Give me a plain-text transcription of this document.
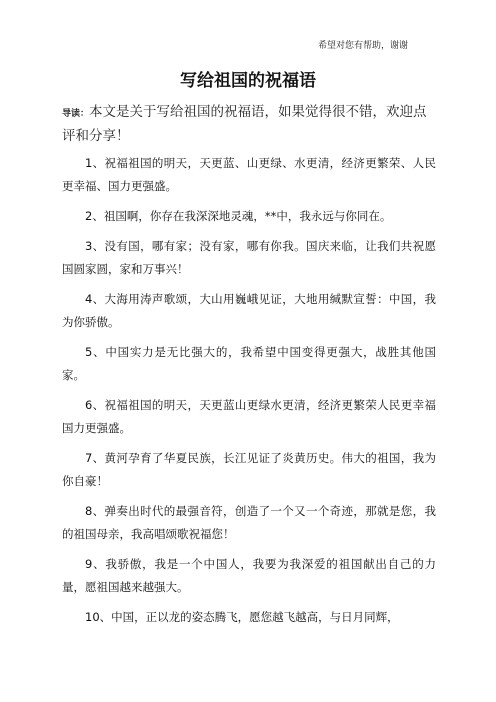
希望对您有帮助，谢谢
写给祖国的祝福语
导读：本文是关于写给祖国的祝福语，如果觉得很不错，欢迎点评和分享！

1、祝福祖国的明天，天更蓝、山更绿、水更清，经济更繁荣、人民更幸福、国力更强盛。

2、祖国啊，你存在我深深地灵魂，**中，我永远与你同在。

3、没有国，哪有家；没有家，哪有你我。国庆来临，让我们共祝愿国圆家圆，家和万事兴！

4、大海用涛声歌颂，大山用巍峨见证，大地用缄默宣誓：中国，我为你骄傲。

5、中国实力是无比强大的，我希望中国变得更强大，战胜其他国家。

6、祝福祖国的明天，天更蓝山更绿水更清，经济更繁荣人民更幸福国力更强盛。

7、黄河孕育了华夏民族，长江见证了炎黄历史。伟大的祖国，我为你自豪！

8、弹奏出时代的最强音符，创造了一个又一个奇迹，那就是您，我的祖国母亲，我高唱颂歌祝福您！

9、我骄傲，我是一个中国人，我要为我深爱的祖国献出自己的力量，愿祖国越来越强大。

10、中国，正以龙的姿态腾飞，愿您越飞越高，与日月同辉，
